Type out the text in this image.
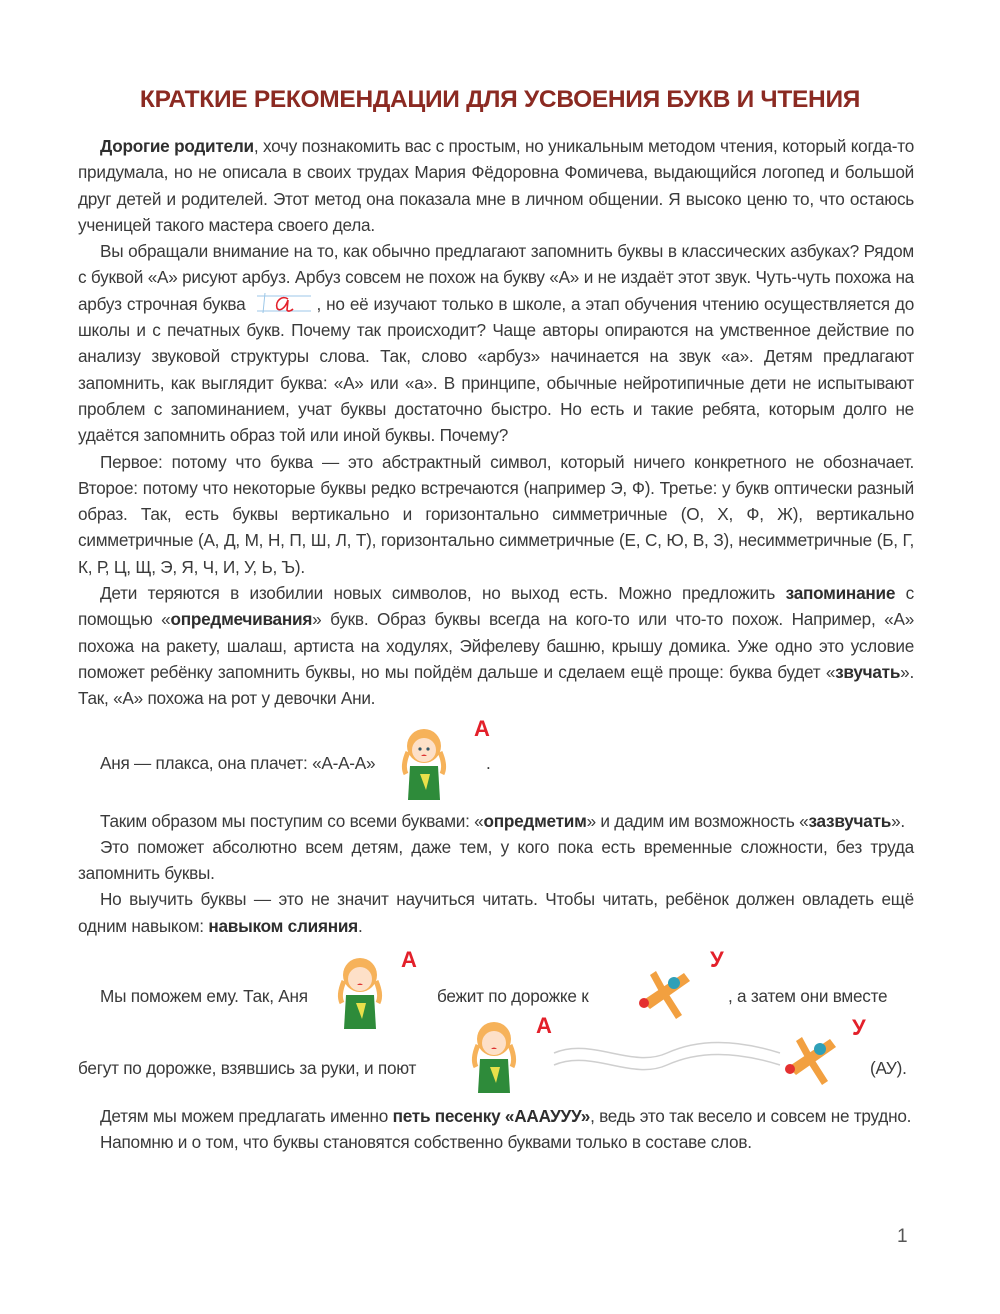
КРАТКИЕ РЕКОМЕНДАЦИИ ДЛЯ УСВОЕНИЯ БУКВ И ЧТЕНИЯ

Дорогие родители, хочу познакомить вас с простым, но уникальным методом чтения, который когда-то придумала, но не описала в своих трудах Мария Фёдоровна Фомичева, выдающийся логопед и большой друг детей и родителей. Этот метод она показала мне в личном общении. Я высоко ценю то, что остаюсь ученицей такого мастера своего дела.

Вы обращали внимание на то, как обычно предлагают запомнить буквы в классических азбуках? Рядом с буквой «А» рисуют арбуз. Арбуз совсем не похож на букву «А» и не издаёт этот звук. Чуть-чуть похожа на арбуз строчная буква	, но её изучают только в школе, а этап обучения чтению осуществляется до школы и с печатных букв. Почему так происходит? Чаще авторы опираются на умственное действие по анализу звуковой структуры слова. Так, слово «арбуз» начинается на звук «а». Детям предлагают запомнить, как выглядит буква: «А» или «а». В принципе, обычные нейротипичные дети не испытывают проблем с запоминанием, учат буквы достаточно быстро. Но есть и такие ребята, которым долго не удаётся запомнить образ той или иной буквы. Почему?

Первое: потому что буква — это абстрактный символ, который ничего конкретного не обозначает. Второе: потому что некоторые буквы редко встречаются (например Э, Ф). Третье: у букв оптически разный образ. Так, есть буквы вертикально и горизонтально симметричные (О, Х, Ф, Ж), вертикально симметричные (А, Д, М, Н, П, Ш, Л, Т), горизонтально симметричные (Е, С, Ю, В, З), несимметричные (Б, Г, К, Р, Ц, Щ, Э, Я, Ч, И, У, Ь, Ъ).

Дети теряются в изобилии новых символов, но выход есть. Можно предложить запоминание с помощью «опредмечивания» букв. Образ буквы всегда на кого-то или что-то похож. Например, «А» похожа на ракету, шалаш, артиста на ходулях, Эйфелеву башню, крышу домика. Уже одно это условие поможет ребёнку запомнить буквы, но мы пойдём дальше и сделаем ещё проще: буква будет «звучать». Так, «А» похожа на рот у девочки Ани.

Аня — плакса, она плачет: «А-А-А»
А
.

Таким образом мы поступим со всеми буквами: «опредметим» и дадим им возможность «зазвучать».

Это поможет абсолютно всем детям, даже тем, у кого пока есть временные сложности, без труда запомнить буквы.

Но выучить буквы — это не значит научиться читать. Чтобы читать, ребёнок должен овладеть ещё одним навыком: навыком слияния.

Мы поможем ему. Так, Аня
А
бежит по дорожке к
У
, а затем они вместе
бегут по дорожке, взявшись за руки, и поют
А	У
(АУ).

Детям мы можем предлагать именно петь песенку «АААУУУ», ведь это так весело и совсем не трудно.

Напомню и о том, что буквы становятся собственно буквами только в составе слов.

1
